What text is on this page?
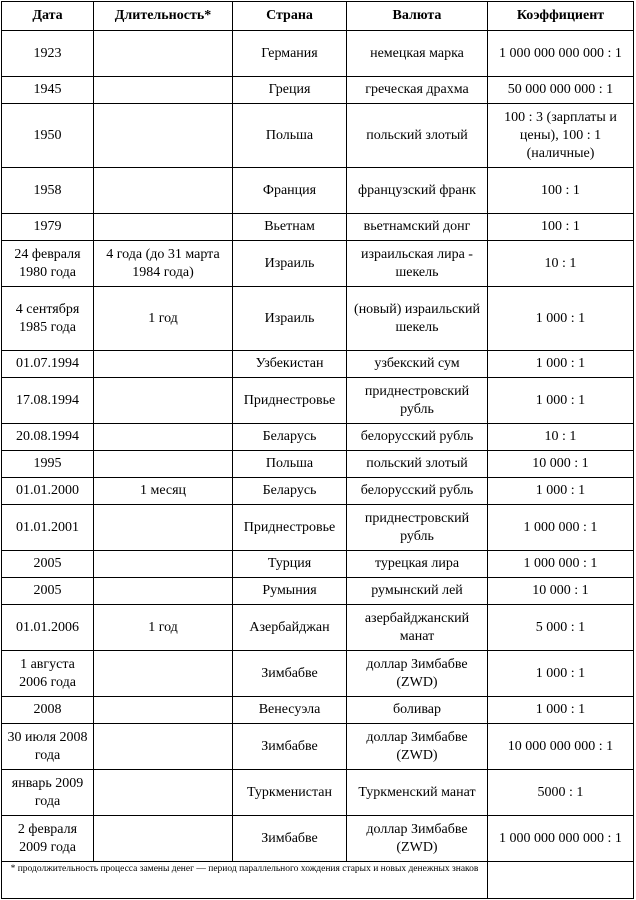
Дата	Длительность*	Страна	Валюта	Коэффициент
1923		Германия	немецкая марка	1 000 000 000 000 : 1
1945		Греция	греческая драхма	50 000 000 000 : 1
1950		Польша	польский злотый	100 : 3 (зарплаты и цены), 100 : 1 (наличные)
1958		Франция	французский франк	100 : 1
1979		Вьетнам	вьетнамский донг	100 : 1
24 февраля 1980 года	4 года (до 31 марта 1984 года)	Израиль	израильская лира - шекель	10 : 1
4 сентября 1985 года	1 год	Израиль	(новый) израильский шекель	1 000 : 1
01.07.1994		Узбекистан	узбекский сум	1 000 : 1
17.08.1994		Приднестровье	приднестровский рубль	1 000 : 1
20.08.1994		Беларусь	белорусский рубль	10 : 1
1995		Польша	польский злотый	10 000 : 1
01.01.2000	1 месяц	Беларусь	белорусский рубль	1 000 : 1
01.01.2001		Приднестровье	приднестровский рубль	1 000 000 : 1
2005		Турция	турецкая лира	1 000 000 : 1
2005		Румыния	румынский лей	10 000 : 1
01.01.2006	1 год	Азербайджан	азербайджанский манат	5 000 : 1
1 августа 2006 года		Зимбабве	доллар Зимбабве (ZWD)	1 000 : 1
2008		Венесуэла	боливар	1 000 : 1
30 июля 2008 года		Зимбабве	доллар Зимбабве (ZWD)	10 000 000 000 : 1
январь 2009 года		Туркменистан	Туркменский манат	5000 : 1
2 февраля 2009 года		Зимбабве	доллар Зимбабве (ZWD)	1 000 000 000 000 : 1
* продолжительность процесса замены денег — период параллельного хождения старых и новых денежных знаков				
